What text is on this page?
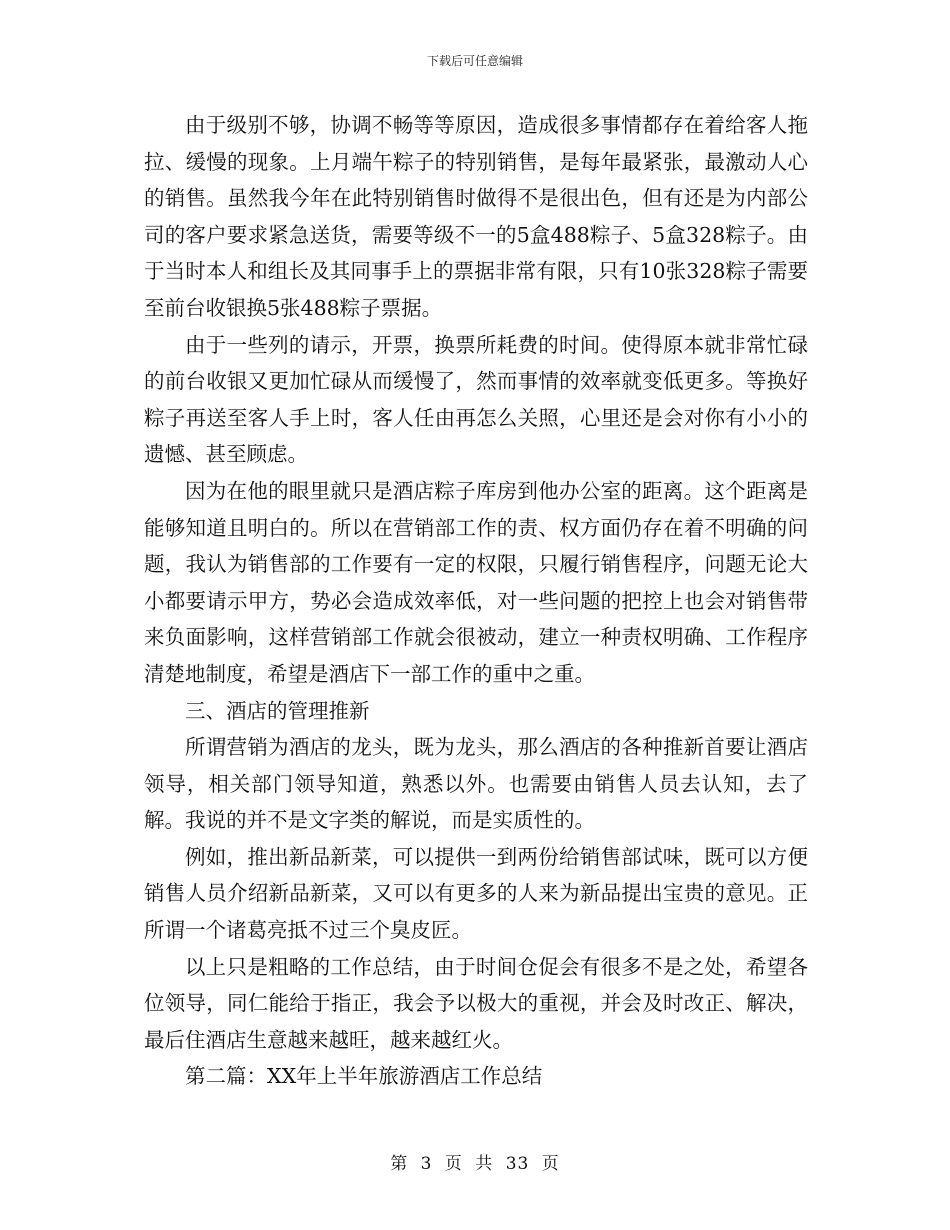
下载后可任意编辑

由于级别不够，协调不畅等等原因，造成很多事情都存在着给客人拖拉、缓慢的现象。上月端午粽子的特别销售，是每年最紧张，最激动人心的销售。虽然我今年在此特别销售时做得不是很出色，但有还是为内部公司的客户要求紧急送货，需要等级不一的5盒488粽子、5盒328粽子。由于当时本人和组长及其同事手上的票据非常有限，只有10张328粽子需要至前台收银换5张488粽子票据。

由于一些列的请示，开票，换票所耗费的时间。使得原本就非常忙碌的前台收银又更加忙碌从而缓慢了，然而事情的效率就变低更多。等换好粽子再送至客人手上时，客人任由再怎么关照，心里还是会对你有小小的遗憾、甚至顾虑。

因为在他的眼里就只是酒店粽子库房到他办公室的距离。这个距离是能够知道且明白的。所以在营销部工作的责、权方面仍存在着不明确的问题，我认为销售部的工作要有一定的权限，只履行销售程序，问题无论大小都要请示甲方，势必会造成效率低，对一些问题的把控上也会对销售带来负面影响，这样营销部工作就会很被动，建立一种责权明确、工作程序清楚地制度，希望是酒店下一部工作的重中之重。

三、酒店的管理推新

所谓营销为酒店的龙头，既为龙头，那么酒店的各种推新首要让酒店领导，相关部门领导知道，熟悉以外。也需要由销售人员去认知，去了解。我说的并不是文字类的解说，而是实质性的。

例如，推出新品新菜，可以提供一到两份给销售部试味，既可以方便销售人员介绍新品新菜，又可以有更多的人来为新品提出宝贵的意见。正所谓一个诸葛亮抵不过三个臭皮匠。

以上只是粗略的工作总结，由于时间仓促会有很多不是之处，希望各位领导，同仁能给于指正，我会予以极大的重视，并会及时改正、解决，最后住酒店生意越来越旺，越来越红火。

第二篇：XX年上半年旅游酒店工作总结

第 3 页 共 33 页
